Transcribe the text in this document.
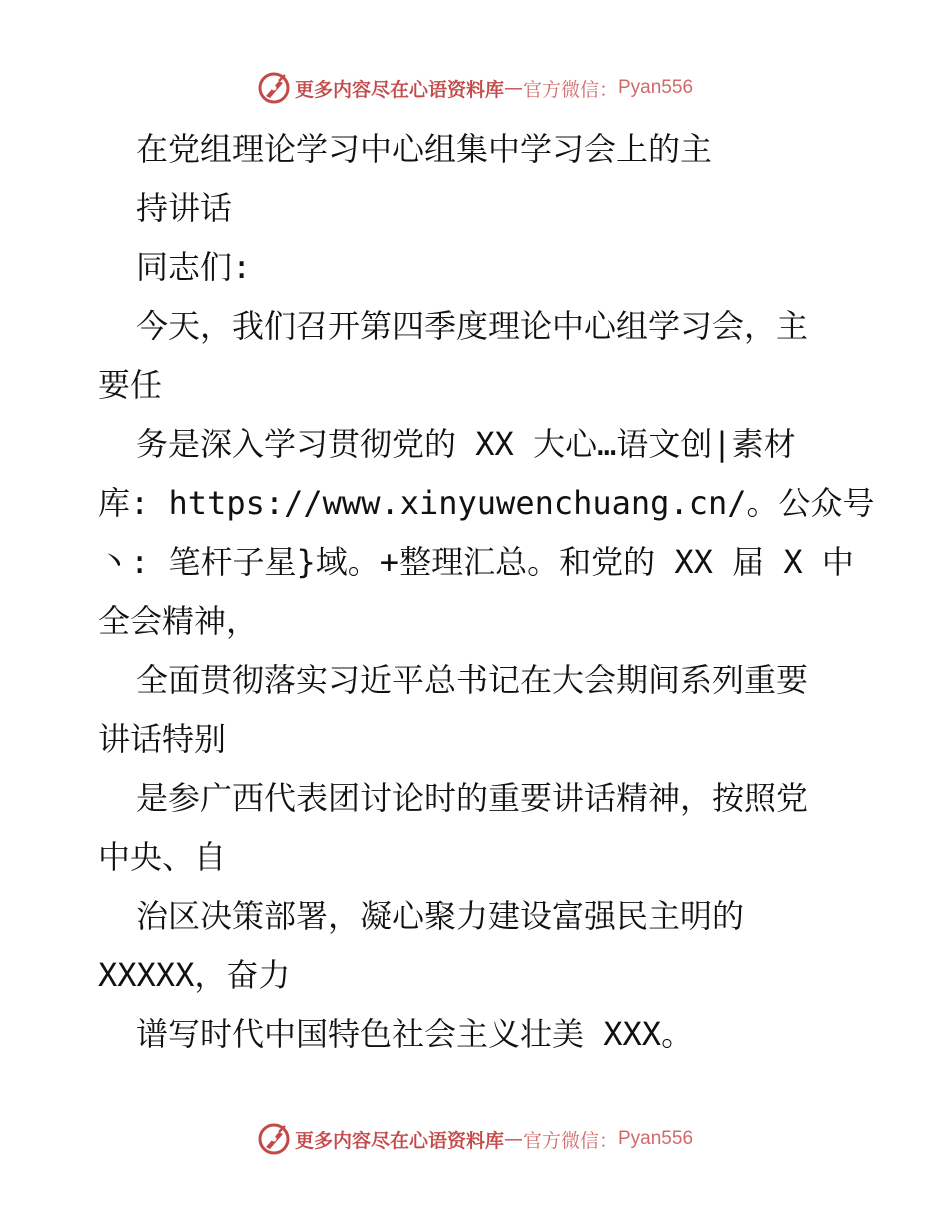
更多内容尽在心语资料库 — 官方微信： Pyan556
在党组理论学习中心组集中学习会上的主
持讲话
同志们:
今天，我们召开第四季度理论中心组学习会，主
要任
务是深入学习贯彻党的 XX 大心…语文创|素材
库: https://www.xinyuwenchuang.cn/。公众号
丶: 笔杆子星}域。+整理汇总。和党的 XX 届 X 中
全会精神，
全面贯彻落实习近平总书记在大会期间系列重要
讲话特别
是参广西代表团讨论时的重要讲话精神，按照党
中央、自
治区决策部署，凝心聚力建设富强民主明的
XXXXX，奋力
谱写时代中国特色社会主义壮美 XXX。
更多内容尽在心语资料库 — 官方微信： Pyan556
